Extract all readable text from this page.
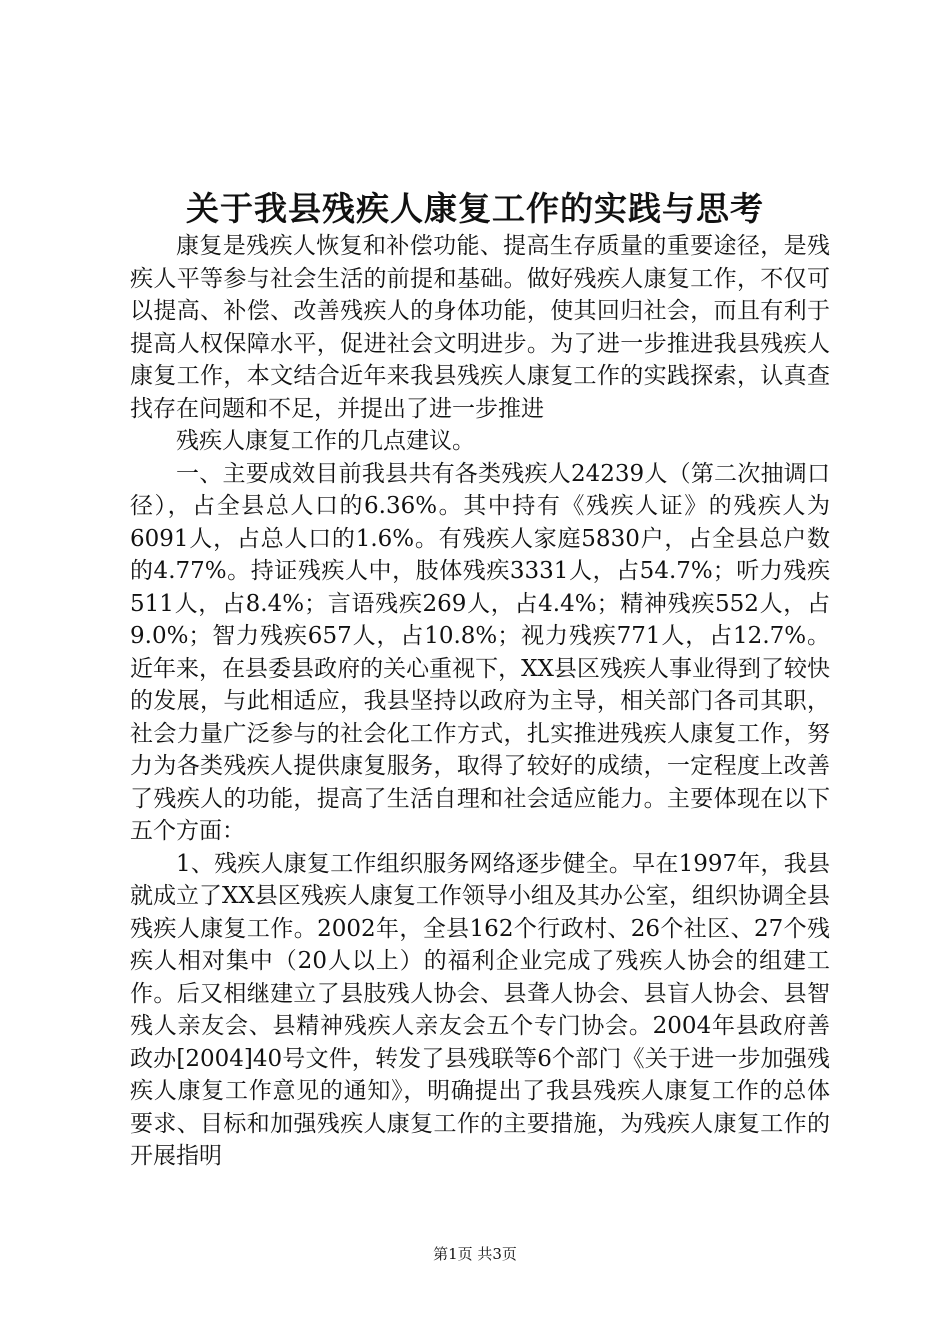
关于我县残疾人康复工作的实践与思考

康复是残疾人恢复和补偿功能、提高生存质量的重要途径，是残疾人平等参与社会生活的前提和基础。做好残疾人康复工作，不仅可以提高、补偿、改善残疾人的身体功能，使其回归社会，而且有利于提高人权保障水平，促进社会文明进步。为了进一步推进我县残疾人康复工作，本文结合近年来我县残疾人康复工作的实践探索，认真查找存在问题和不足，并提出了进一步推进

残疾人康复工作的几点建议。

一、主要成效目前我县共有各类残疾人24239人（第二次抽调口径），占全县总人口的6.36%。其中持有《残疾人证》的残疾人为6091人，占总人口的1.6%。有残疾人家庭5830户，占全县总户数的4.77%。持证残疾人中，肢体残疾3331人，占54.7%；听力残疾511人，占8.4%；言语残疾269人，占4.4%；精神残疾552人，占9.0%；智力残疾657人，占10.8%；视力残疾771人，占12.7%。近年来，在县委县政府的关心重视下，XX县区残疾人事业得到了较快的发展，与此相适应，我县坚持以政府为主导，相关部门各司其职，社会力量广泛参与的社会化工作方式，扎实推进残疾人康复工作，努力为各类残疾人提供康复服务，取得了较好的成绩，一定程度上改善了残疾人的功能，提高了生活自理和社会适应能力。主要体现在以下五个方面：

1、残疾人康复工作组织服务网络逐步健全。早在1997年，我县就成立了XX县区残疾人康复工作领导小组及其办公室，组织协调全县残疾人康复工作。2002年，全县162个行政村、26个社区、27个残疾人相对集中（20人以上）的福利企业完成了残疾人协会的组建工作。后又相继建立了县肢残人协会、县聋人协会、县盲人协会、县智残人亲友会、县精神残疾人亲友会五个专门协会。2004年县政府善政办[2004]40号文件，转发了县残联等6个部门《关于进一步加强残疾人康复工作意见的通知》，明确提出了我县残疾人康复工作的总体要求、目标和加强残疾人康复工作的主要措施，为残疾人康复工作的开展指明

第1页 共3页
